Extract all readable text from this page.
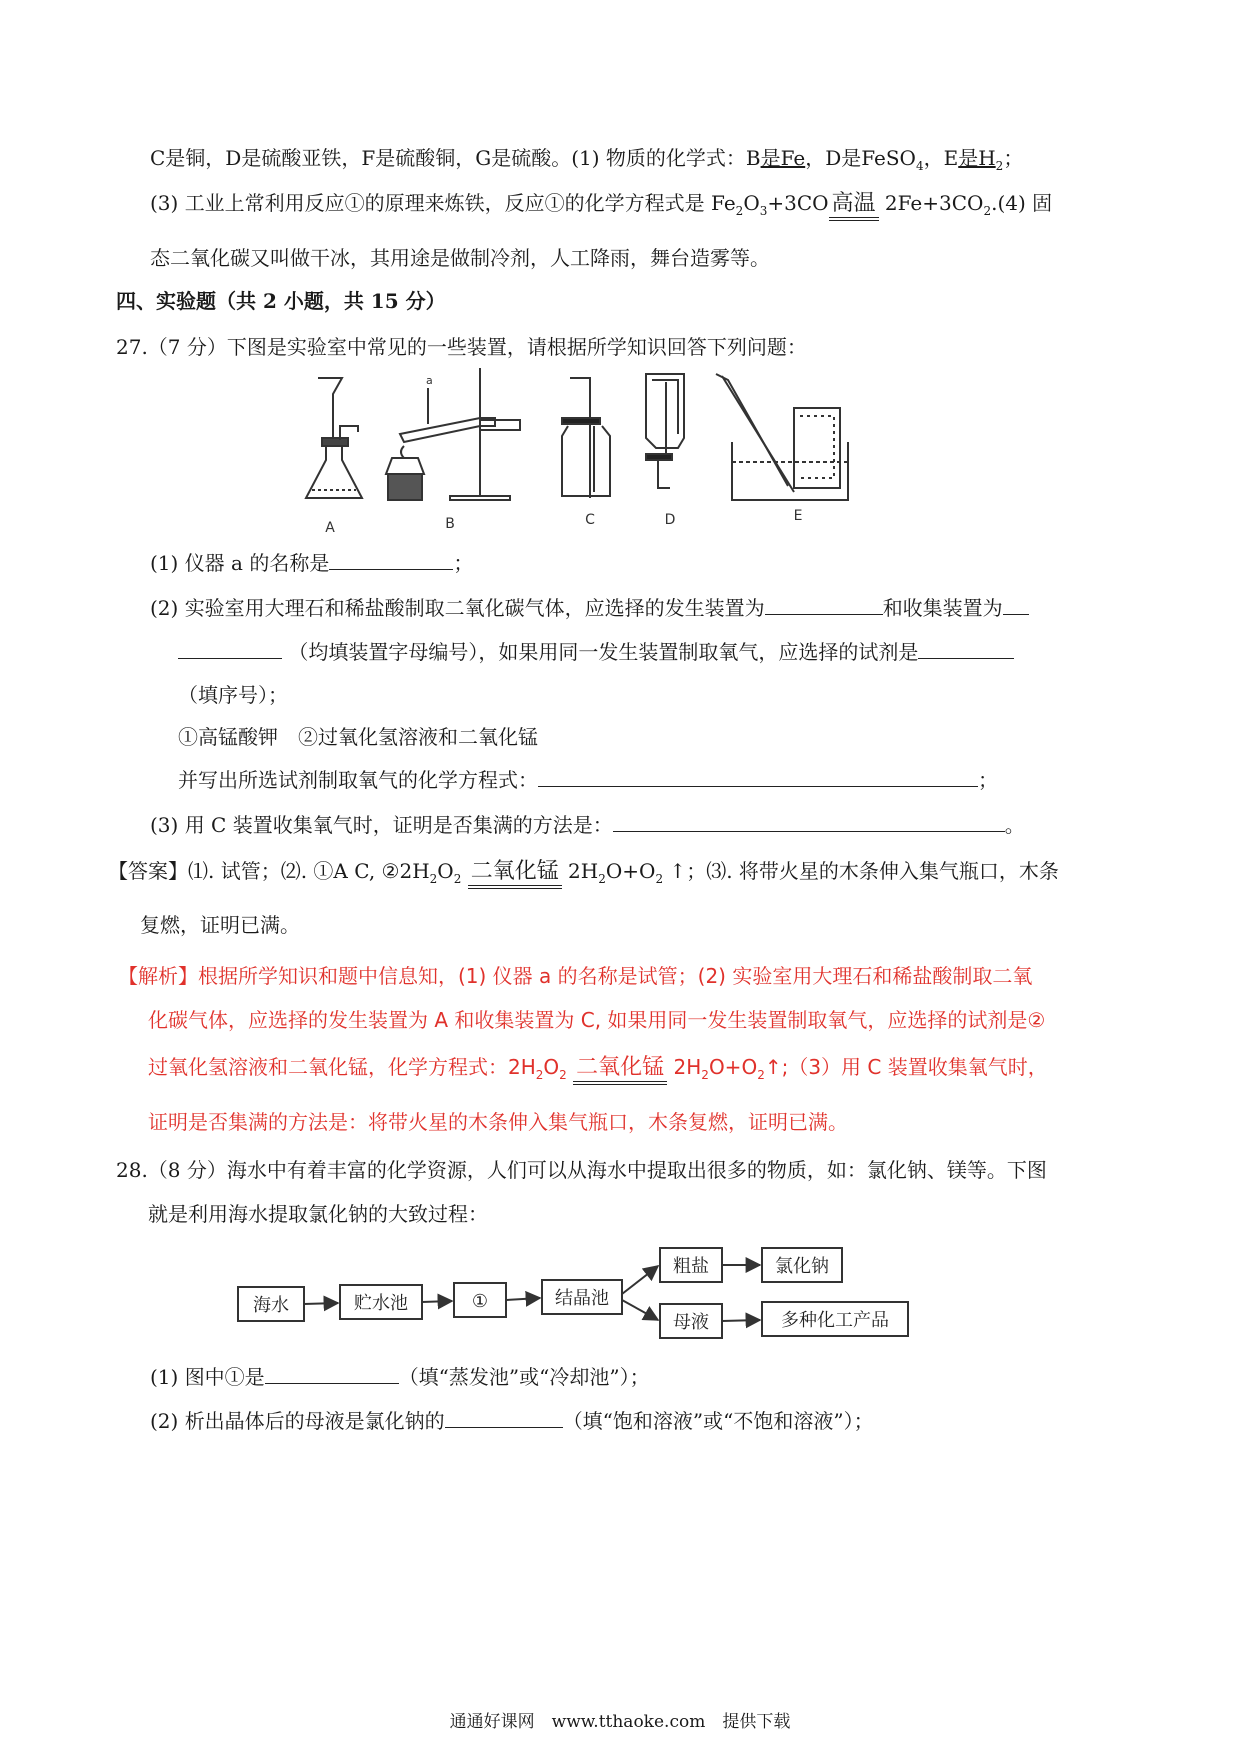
C是铜，D是硫酸亚铁，F是硫酸铜，G是硫酸。(1) 物质的化学式：B是Fe，D是FeSO$_4$，E是$H_2$；
(3) 工业上常利用反应①的原理来炼铁，反应①的化学方程式是 $Fe_2O_3+3CO$ 高温 $2Fe+3CO_2.(4)$ 固
态二氧化碳又叫做干冰，其用途是做制冷剂，人工降雨，舞台造雾等。
四、实验题（共 2 小题，共 15 分）
27.（7 分）下图是实验室中常见的一些装置，请根据所学知识回答下列问题：
A	B	C	D	E
a
(1) 仪器 a 的名称是	；
(2) 实验室用大理石和稀盐酸制取二氧化碳气体，应选择的发生装置为	和收集装置为
（均填装置字母编号），如果用同一发生装置制取氧气，应选择的试剂是
（填序号）；
①高锰酸钾　②过氧化氢溶液和二氧化锰
并写出所选试剂制取氧气的化学方程式：	；
(3) 用 C 装置收集氧气时，证明是否集满的方法是：	。
【答案】⑴. 试管；⑵. ①A C, $②2H_2O_2$ 二氧化锰 $2H_2O+O_2$ ↑；⑶. 将带火星的木条伸入集气瓶口，木条
复燃，证明已满。
【解析】根据所学知识和题中信息知，(1) 仪器 a 的名称是试管；(2) 实验室用大理石和稀盐酸制取二氧
化碳气体，应选择的发生装置为 A 和收集装置为 C, 如果用同一发生装置制取氧气，应选择的试剂是②
过氧化氢溶液和二氧化锰，化学方程式：$2H_2O_2$ 二氧化锰 $2H_2O+O_2↑;(3)$用 C 装置收集氧气时，
证明是否集满的方法是：将带火星的木条伸入集气瓶口，木条复燃，证明已满。
28.（8 分）海水中有着丰富的化学资源，人们可以从海水中提取出很多的物质，如：氯化钠、镁等。下图
就是利用海水提取氯化钠的大致过程：
海水	贮水池	①	结晶池
粗盐	氯化钠
母液	多种化工产品
(1) 图中①是	（填“蒸发池”或“冷却池”）；
(2) 析出晶体后的母液是氯化钠的	（填“饱和溶液”或“不饱和溶液”）；
通通好课网　www.tthaoke.com　提供下载
